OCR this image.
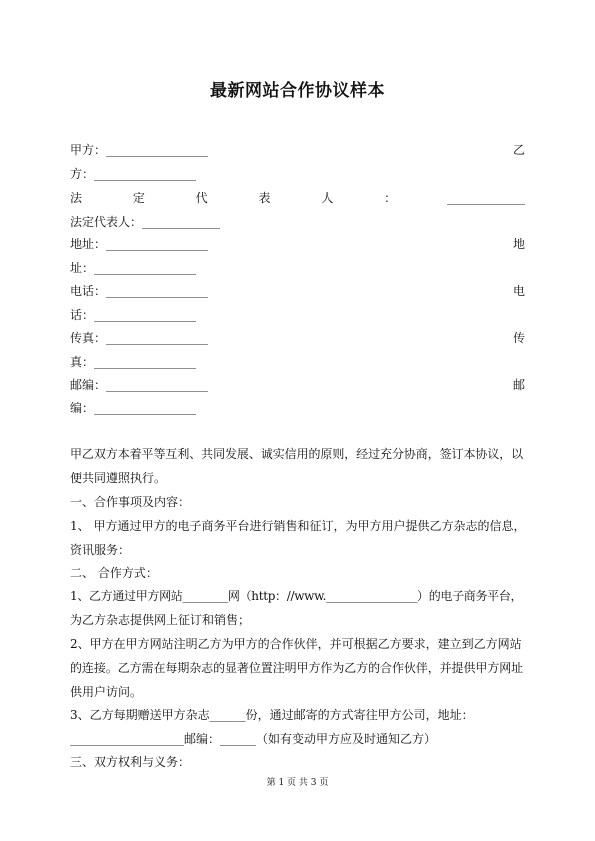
最新网站合作协议样本
甲方：_________________	乙
方：_________________
法	定	代	表	人	：	_____________
法定代表人：_____________
地址：_________________	地
址：_________________
电话：_________________	电
话：_________________
传真：_________________	传
真：_________________
邮编：_________________	邮
编：_________________
甲乙双方本着平等互利、共同发展、诚实信用的原则，经过充分协商，签订本协议，以
便共同遵照执行。
一、合作事项及内容：
1、 甲方通过甲方的电子商务平台进行销售和征订，为甲方用户提供乙方杂志的信息，
资讯服务：
二、 合作方式：
1、乙方通过甲方网站________网（http：//www.________________）的电子商务平台，
为乙方杂志提供网上征订和销售；
2、甲方在甲方网站注明乙方为甲方的合作伙伴，并可根据乙方要求，建立到乙方网站
的连接。乙方需在每期杂志的显著位置注明甲方作为乙方的合作伙伴，并提供甲方网址
供用户访问。
3、乙方每期赠送甲方杂志______份，通过邮寄的方式寄往甲方公司，地址：
___________________邮编：______（如有变动甲方应及时通知乙方）
三、双方权利与义务：
第 1 页 共 3 页
